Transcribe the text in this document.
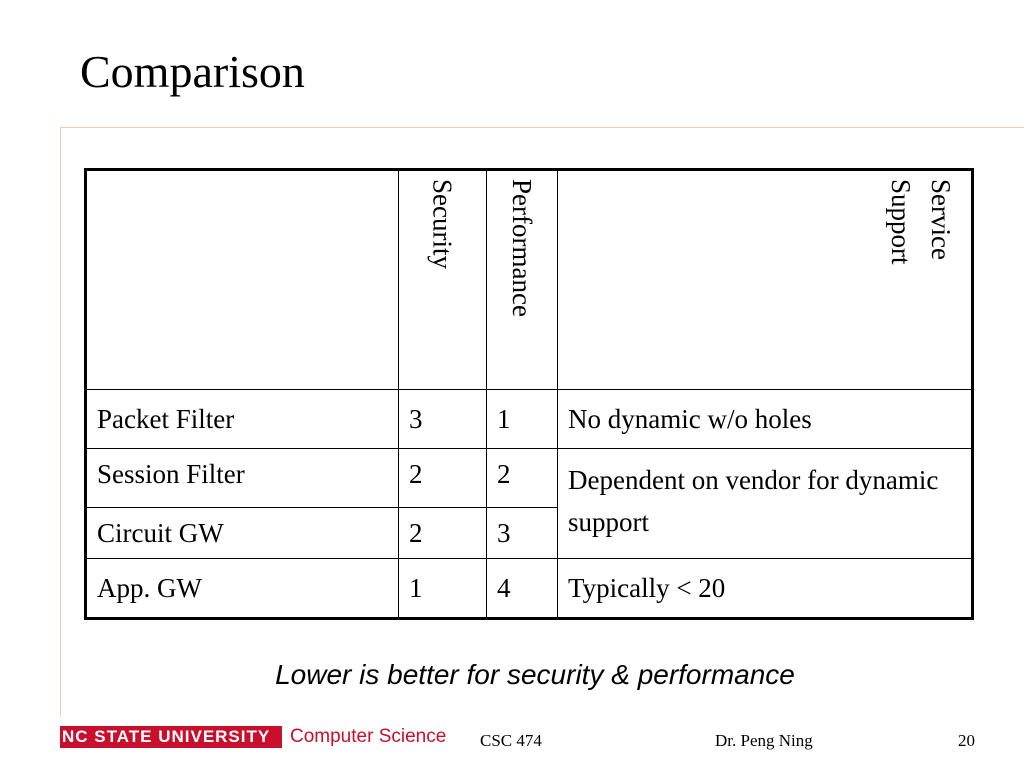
Comparison

	Security	Performance	Service
Support

Packet Filter	3	1	No dynamic w/o holes
Session Filter	2	2	Dependent on vendor for dynamic support
Circuit GW	2	3	
App. GW	1	4	Typically < 20
Lower is better for security & performance
NC STATE UNIVERSITY	Computer Science CSC 474	Dr. Peng Ning	20
